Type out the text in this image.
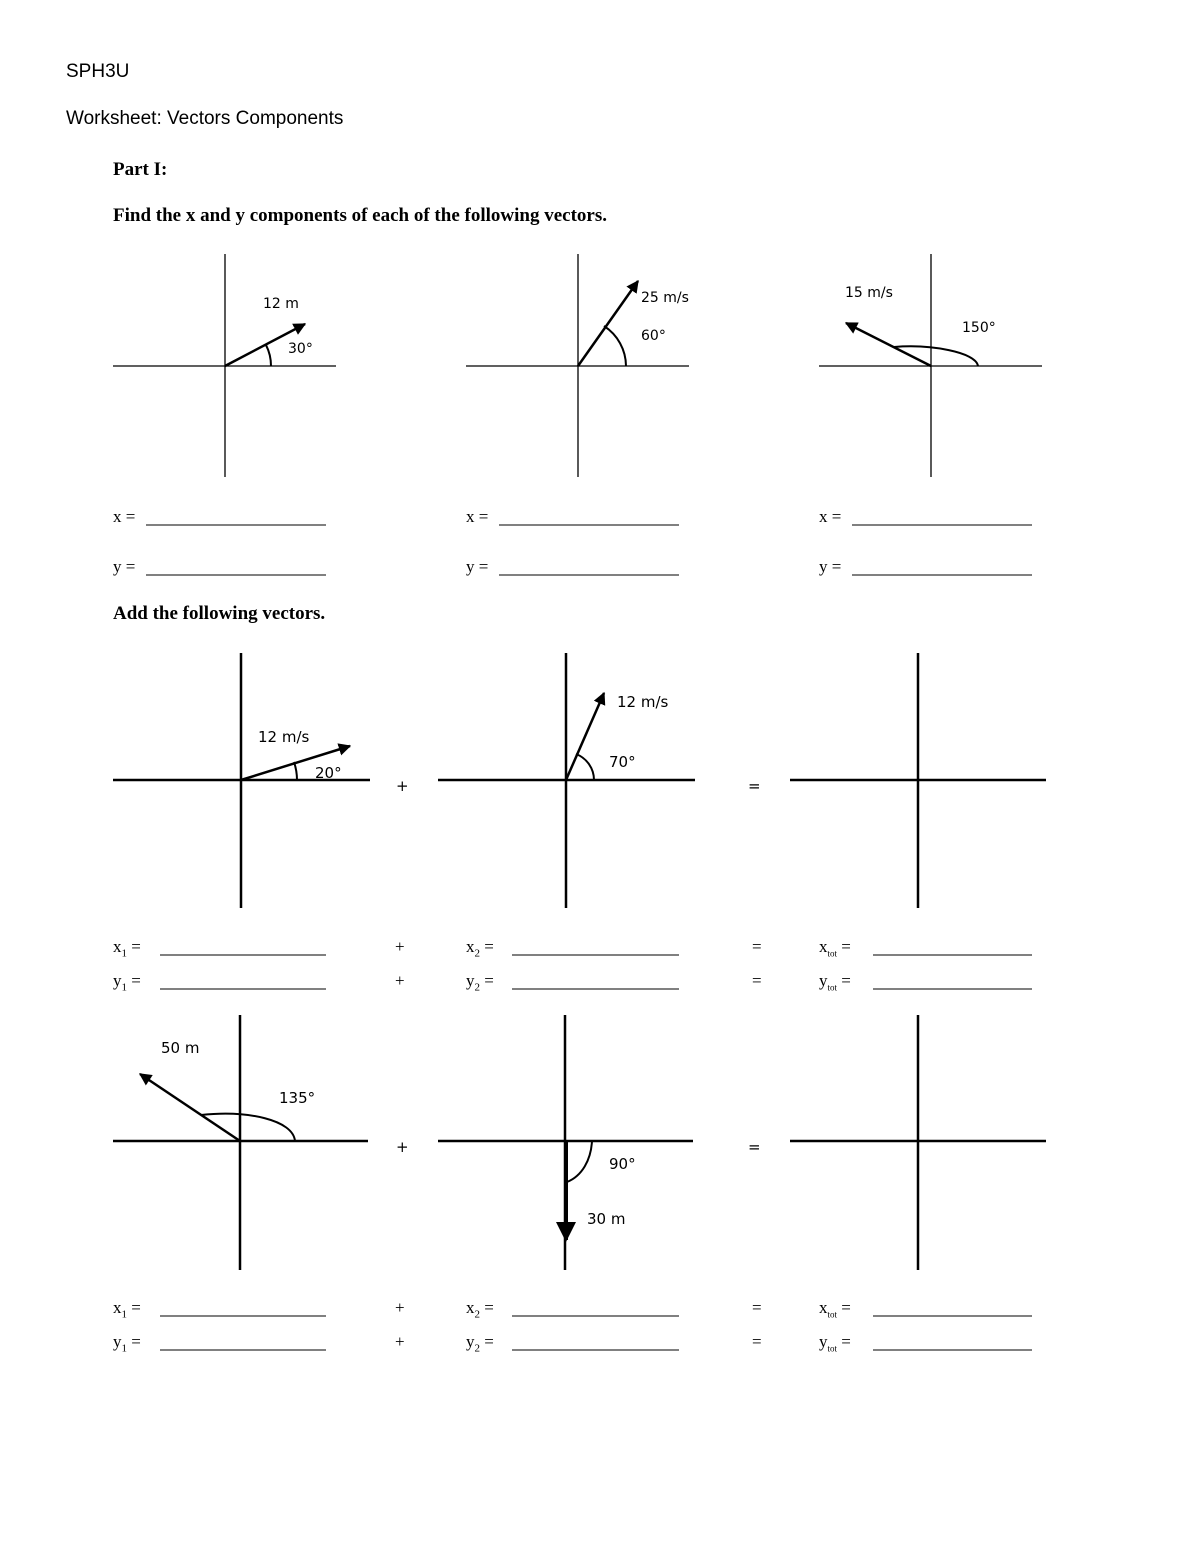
SPH3U
Worksheet: Vectors Components
Part I:
Find the x and y components of each of the following vectors.
Add the following vectors.
x =
y =
x =
y =
x =
y =
$x_1$ =
$y_1$ =
+
+
$x_2$ =
$y_2$ =
=
=
$x_{tot}$ =
$y_{tot}$ =
$x_1$ =
$y_1$ =
+
+
$x_2$ =
$y_2$ =
=
=
$x_{tot}$ =
$y_{tot}$ =
12 m
30°
25 m/s
60°
15 m/s
150°
12 m/s
20°
+
12 m/s
70°
=
50 m
135°
+
30 m
90°
=
